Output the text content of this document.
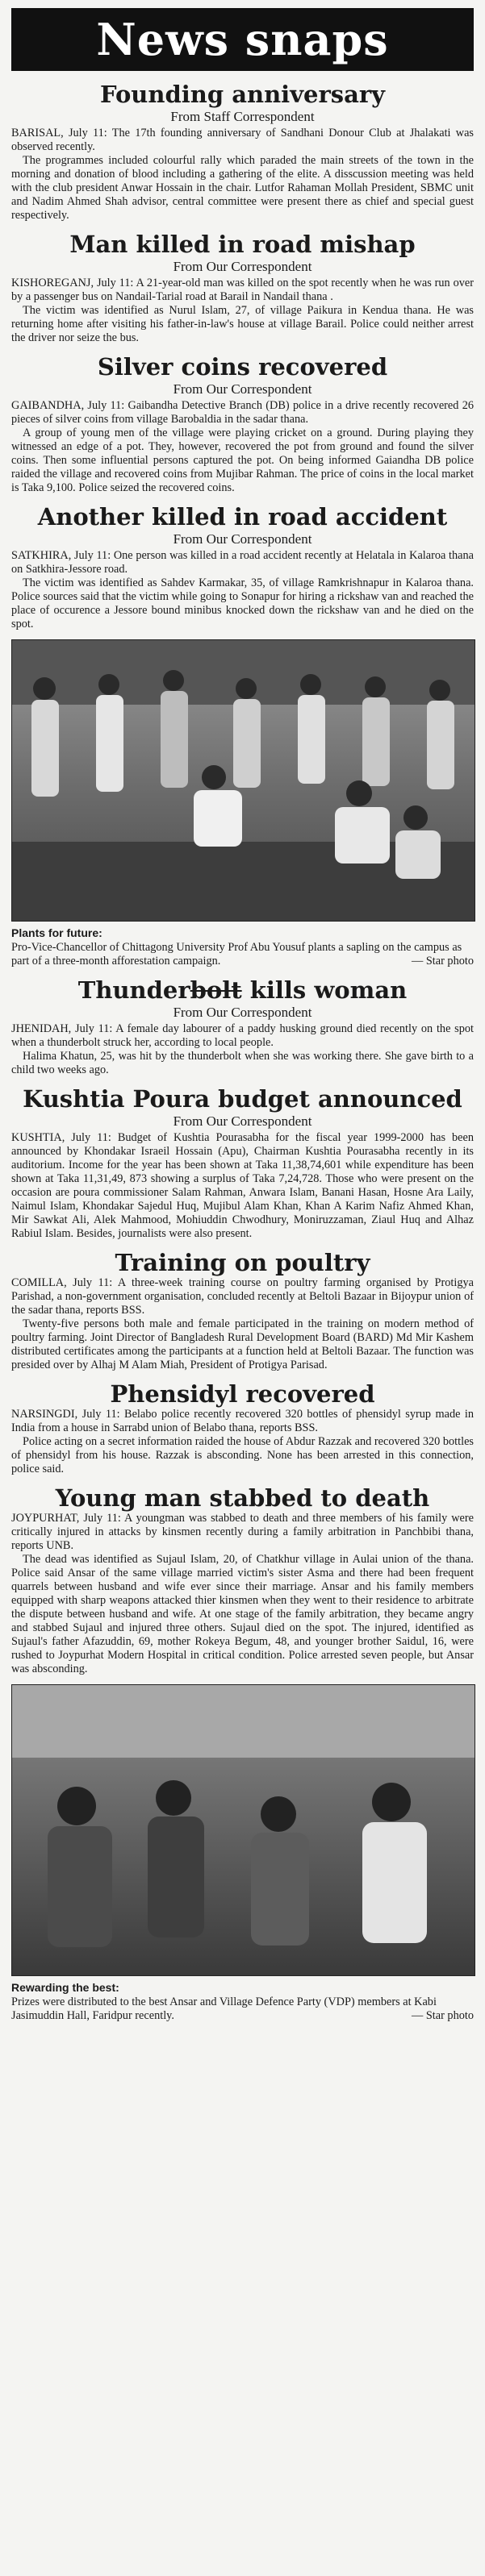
News snaps
Founding anniversary
From Staff Correspondent

BARISAL, July 11: The 17th founding anniversary of Sandhani Donour Club at Jhalakati was observed recently.

The programmes included colourful rally which paraded the main streets of the town in the morning and donation of blood including a gathering of the elite. A disscussion meeting was held with the club president Anwar Hossain in the chair. Lutfor Rahaman Mollah President, SBMC unit and Nadim Ahmed Shah advisor, central committee were present there as chief and special guest respectively.

Man killed in road mishap
From Our Correspondent

KISHOREGANJ, July 11: A 21-year-old man was killed on the spot recently when he was run over by a passenger bus on Nandail-Tarial road at Barail in Nandail thana .

The victim was identified as Nurul Islam, 27, of village Paikura in Kendua thana. He was returning home after visiting his father-in-law's house at village Barail. Police could neither arrest the driver nor seize the bus.

Silver coins recovered
From Our Correspondent

GAIBANDHA, July 11: Gaibandha Detective Branch (DB) police in a drive recently recovered 26 pieces of silver coins from village Barobaldia in the sadar thana.

A group of young men of the village were playing cricket on a ground. During playing they witnessed an edge of a pot. They, however, recovered the pot from ground and found the silver coins. Then some influential persons captured the pot. On being informed Gaiandha DB police raided the village and recovered coins from Mujibar Rahman. The price of coins in the local market is Taka 9,100. Police seized the recovered coins.

Another killed in road accident
From Our Correspondent

SATKHIRA, July 11: One person was killed in a road accident recently at Helatala in Kalaroa thana on Satkhira-Jessore road.

The victim was identified as Sahdev Karmakar, 35, of village Ramkrishnapur in Kalaroa thana. Police sources said that the victim while going to Sonapur for hiring a rickshaw van and reached the place of occurence a Jessore bound minibus knocked down the rickshaw van and he died on the spot.

Plants for future:
Pro-Vice-Chancellor of Chittagong University Prof Abu Yousuf plants a sapling on the campus as part of a three-month afforestation campaign.	— Star photo
Thunderbolt kills woman
From Our Correspondent

JHENIDAH, July 11: A female day labourer of a paddy husking ground died recently on the spot when a thunderbolt struck her, according to local people.

Halima Khatun, 25, was hit by the thunderbolt when she was working there. She gave birth to a child two weeks ago.

Kushtia Poura budget announced
From Our Correspondent

KUSHTIA, July 11: Budget of Kushtia Pourasabha for the fiscal year 1999-2000 has been announced by Khondakar Israeil Hossain (Apu), Chairman Kushtia Pourasabha recently in its auditorium. Income for the year has been shown at Taka 11,38,74,601 while expenditure has been shown at Taka 11,31,49, 873 showing a surplus of Taka 7,24,728. Those who were present on the occasion are poura commissioner Salam Rahman, Anwara Islam, Banani Hasan, Hosne Ara Laily, Naimul Islam, Khondakar Sajedul Huq, Mujibul Alam Khan, Khan A Karim Nafiz Ahmed Khan, Mir Sawkat Ali, Alek Mahmood, Mohiuddin Chwodhury, Moniruzzaman, Ziaul Huq and Alhaz Rabiul Islam. Besides, journalists were also present.

Training on poultry

COMILLA, July 11: A three-week training course on poultry farming organised by Protigya Parishad, a non-government organisation, concluded recently at Beltoli Bazaar in Bijoypur union of the sadar thana, reports BSS.

Twenty-five persons both male and female participated in the training on modern method of poultry farming. Joint Director of Bangladesh Rural Development Board (BARD) Md Mir Kashem distributed certificates among the participants at a function held at Beltoli Bazaar. The function was presided over by Alhaj M Alam Miah, President of Protigya Parisad.

Phensidyl recovered

NARSINGDI, July 11: Belabo police recently recovered 320 bottles of phensidyl syrup made in India from a house in Sarrabd union of Belabo thana, reports BSS.

Police acting on a secret information raided the house of Abdur Razzak and recovered 320 bottles of phensidyl from his house. Razzak is absconding. None has been arrested in this connection, police said.

Young man stabbed to death

JOYPURHAT, July 11: A youngman was stabbed to death and three members of his family were critically injured in attacks by kinsmen recently during a family arbitration in Panchbibi thana, reports UNB.

The dead was identified as Sujaul Islam, 20, of Chatkhur village in Aulai union of the thana. Police said Ansar of the same village married victim's sister Asma and there had been frequent quarrels between husband and wife ever since their marriage. Ansar and his family members equipped with sharp weapons attacked thier kinsmen when they went to their residence to arbitrate the dispute between husband and wife. At one stage of the family arbitration, they became angry and stabbed Sujaul and injured three others. Sujaul died on the spot. The injured, identified as Sujaul's father Afazuddin, 69, mother Rokeya Begum, 48, and younger brother Saidul, 16, were rushed to Joypurhat Modern Hospital in critical condition. Police arrested seven people, but Ansar was absconding.

Rewarding the best:
Prizes were distributed to the best Ansar and Village Defence Party (VDP) members at Kabi Jasimuddin Hall, Faridpur recently.	— Star photo
